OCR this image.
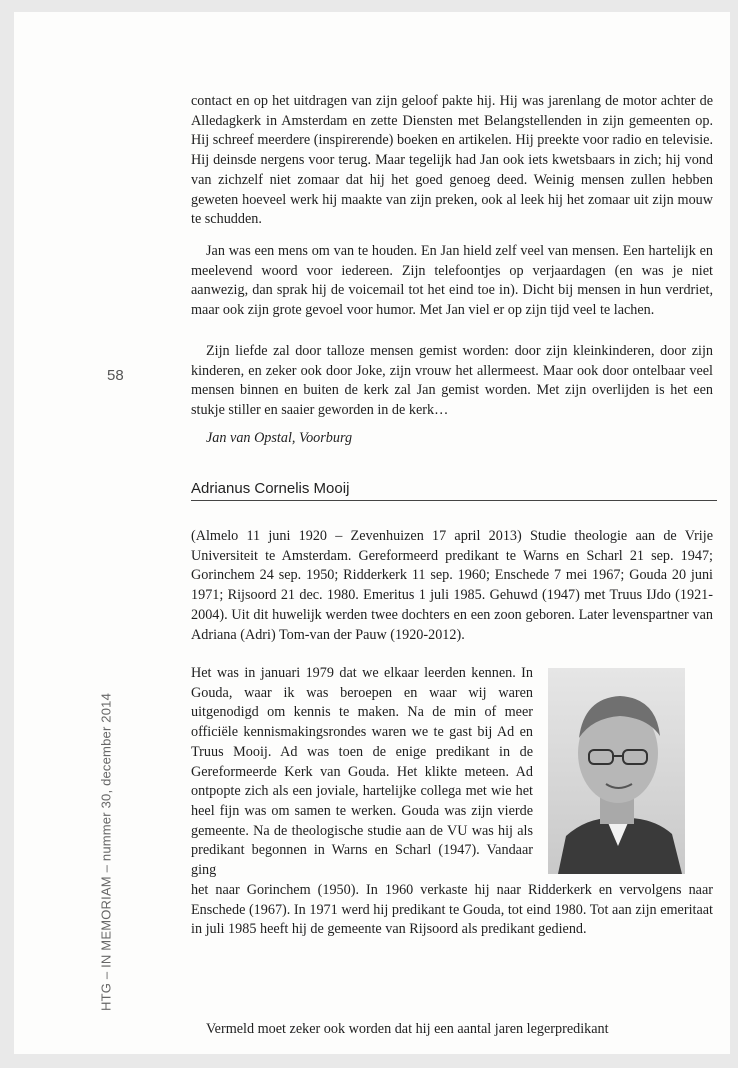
58
HTG – IN MEMORIAM – nummer 30, december 2014

contact en op het uitdragen van zijn geloof pakte hij. Hij was jarenlang de motor achter de Alledagkerk in Amsterdam en zette Diensten met Belangstellenden in zijn gemeenten op. Hij schreef meerdere (inspirerende) boeken en artikelen. Hij preekte voor radio en televisie. Hij deinsde nergens voor terug. Maar tegelijk had Jan ook iets kwetsbaars in zich; hij vond van zichzelf niet zomaar dat hij het goed genoeg deed. Weinig mensen zullen hebben geweten hoeveel werk hij maakte van zijn preken, ook al leek hij het zomaar uit zijn mouw te schudden.

Jan was een mens om van te houden. En Jan hield zelf veel van mensen. Een hartelijk en meelevend woord voor iedereen. Zijn telefoontjes op verjaardagen (en was je niet aanwezig, dan sprak hij de voicemail tot het eind toe in). Dicht bij mensen in hun verdriet, maar ook zijn grote gevoel voor humor. Met Jan viel er op zijn tijd veel te lachen.

Zijn liefde zal door talloze mensen gemist worden: door zijn kleinkinderen, door zijn kinderen, en zeker ook door Joke, zijn vrouw het allermeest. Maar ook door ontelbaar veel mensen binnen en buiten de kerk zal Jan gemist worden. Met zijn overlijden is het een stukje stiller en saaier geworden in de kerk…

Jan van Opstal, Voorburg
Adrianus Cornelis Mooij

(Almelo 11 juni 1920 – Zevenhuizen 17 april 2013) Studie theologie aan de Vrije Universiteit te Amsterdam. Gereformeerd predikant te Warns en Scharl 21 sep. 1947; Gorinchem 24 sep. 1950; Ridderkerk 11 sep. 1960; Enschede 7 mei 1967; Gouda 20 juni 1971; Rijsoord 21 dec. 1980. Emeritus 1 juli 1985. Gehuwd (1947) met Truus IJdo (1921-2004). Uit dit huwelijk werden twee dochters en een zoon geboren. Later levenspartner van Adriana (Adri) Tom-van der Pauw (1920-2012).

Het was in januari 1979 dat we elkaar leerden kennen. In Gouda, waar ik was beroepen en waar wij waren uitgenodigd om kennis te maken. Na de min of meer officiële kennismakingsrondes waren we te gast bij Ad en Truus Mooij. Ad was toen de enige predikant in de Gereformeerde Kerk van Gouda. Het klikte meteen. Ad ontpopte zich als een joviale, hartelijke collega met wie het heel fijn was om samen te werken. Gouda was zijn vierde gemeente. Na de theologische studie aan de VU was hij als predikant begonnen in Warns en Scharl (1947). Vandaar ging

het naar Gorinchem (1950). In 1960 verkaste hij naar Ridderkerk en vervolgens naar Enschede (1967). In 1971 werd hij predikant te Gouda, tot eind 1980. Tot aan zijn emeritaat in juli 1985 heeft hij de gemeente van Rijsoord als predikant gediend.

Vermeld moet zeker ook worden dat hij een aantal jaren legerpredikant
